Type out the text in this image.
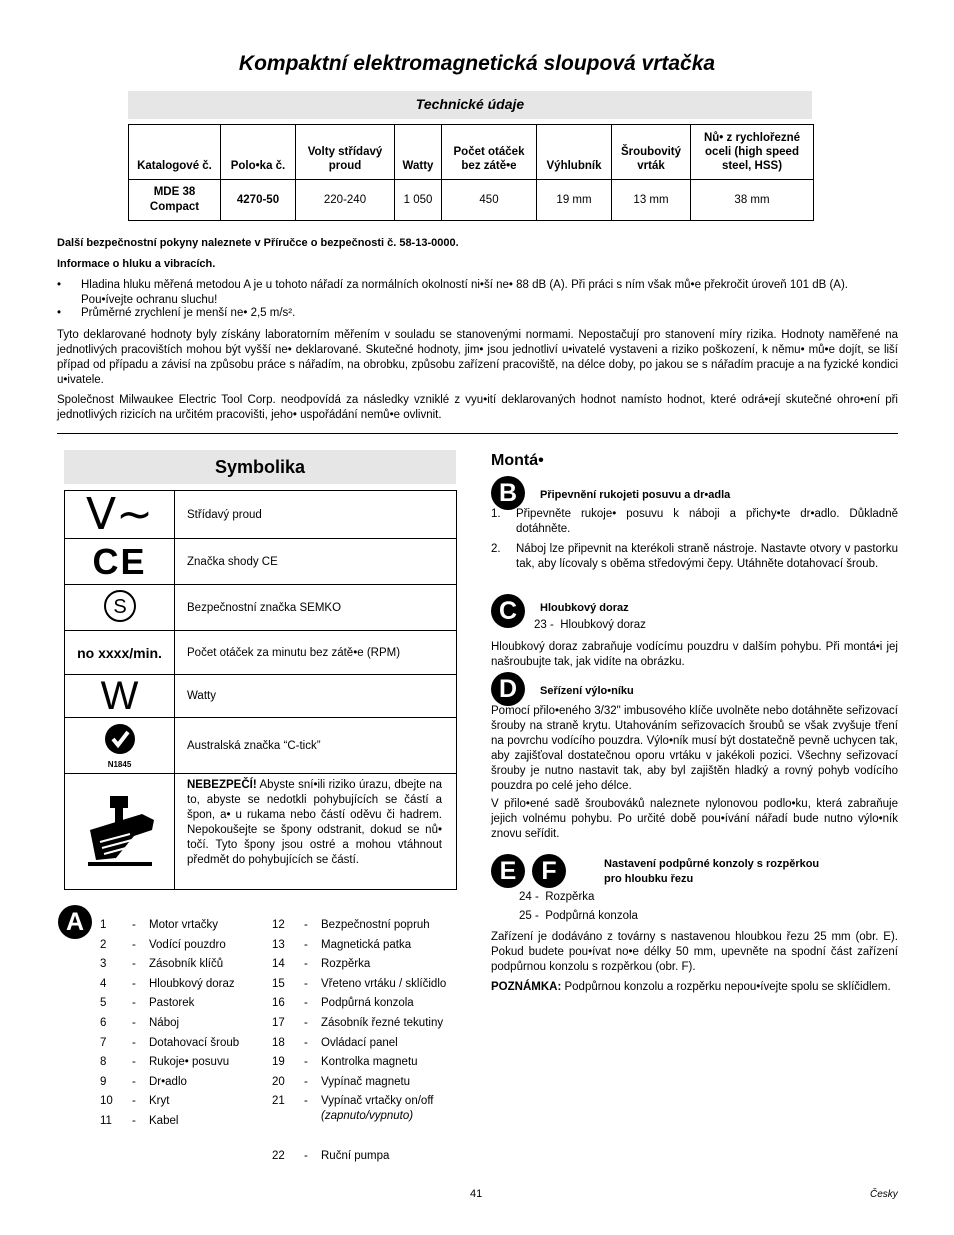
Kompaktní elektromagnetická sloupová vrtačka
Technické údaje
Katalogové č.	Polo•ka č.	Volty střídavý proud	Watty	Počet otáček bez zátě•e	Výhlubník	Šroubovitý vrták	Nů• z rychlořezné oceli (high speed steel, HSS)
MDE 38 Compact	4270-50	220-240	1 050	450	19 mm	13 mm	38 mm
Další bezpečnostní pokyny naleznete v Příručce o bezpečnosti č. 58-13-0000.
Informace o hluku a vibracích.
• Hladina hluku měřená metodou A je u tohoto nářadí za normálních okolností ni•ší ne• 88 dB (A). Při práci s ním však mů•e překročit úroveň 101 dB (A). Pou•ívejte ochranu sluchu!
• Průměrné zrychlení je menší ne• 2,5 m/s².

Tyto deklarované hodnoty byly získány laboratorním měřením v souladu se stanovenými normami. Nepostačují pro stanovení míry rizika. Hodnoty naměřené na jednotlivých pracovištích mohou být vyšší ne• deklarované. Skutečné hodnoty, jim• jsou jednotliví u•ivatelé vystaveni a riziko poškození, k němu• mů•e dojít, se liší případ od případu a závisí na způsobu práce s nářadím, na obrobku, způsobu zařízení pracoviště, na délce doby, po jakou se s nářadím pracuje a na fyzické kondici u•ivatele.

Společnost Milwaukee Electric Tool Corp. neodpovídá za následky vzniklé z vyu•ití deklarovaných hodnot namísto hodnot, které odrá•ejí skutečné ohro•ení při jednotlivých rizicích na určitém pracovišti, jeho• uspořádání nemů•e ovlivnit.

Symbolika
V~	Střídavý proud
CE	Značka shody CE

S	Bezpečnostní značka SEMKO
no xxxx/min.	Počet otáček za minutu bez zátě•e (RPM)
W	Watty

N1845	Australská značka “C-tick”
	NEBEZPEČÍ! Abyste sní•ili riziko úrazu, dbejte na to, abyste se nedotkli pohybujících se částí a špon, a• u rukama nebo částí oděvu či hadrem. Nepokoušejte se špony odstranit, dokud se nů• točí. Tyto špony jsou ostré a mohou vtáhnout předmět do pohybujících se částí.
A	1	- Motor vrtačky
2	- Vodící pouzdro
3	- Zásobník klíčů
4	- Hloubkový doraz
5	- Pastorek
6	- Náboj
7	- Dotahovací šroub
8	- Rukoje• posuvu
9	- Dr•adlo
10	- Kryt
11	- Kabel
12	- Bezpečnostní popruh
13	- Magnetická patka
14	- Rozpěrka
15	- Vřeteno vrtáku / sklíčidlo
16	- Podpůrná konzola
17	- Zásobník řezné tekutiny
18	- Ovládací panel
19	- Kontrolka magnetu
20	- Vypínač magnetu
21	- Vypínač vrtačky on/off
(zapnuto/vypnuto)
22	- Ruční pumpa
Montá•
B	Připevnění rukojeti posuvu a dr•adla
1. Připevněte rukoje• posuvu k náboji a přichy•te dr•adlo. Důkladně dotáhněte.
2. Náboj lze připevnit na kterékoli straně nástroje. Nastavte otvory v pastorku tak, aby lícovaly s oběma středovými čepy. Utáhněte dotahovací šroub.
C	Hloubkový doraz
23 -  Hloubkový doraz
Hloubkový doraz zabraňuje vodícímu pouzdru v dalším pohybu. Při montá•i jej našroubujte tak, jak vidíte na obrázku.
D	Seřízení výlo•níku
Pomocí přilo•eného 3/32" imbusového klíče uvolněte nebo dotáhněte seřizovací šrouby na straně krytu. Utahováním seřizovacích šroubů se však zvyšuje tření na povrchu vodícího pouzdra. Výlo•ník musí být dostatečně pevně uchycen tak, aby zajišťoval dostatečnou oporu vrtáku v jakékoli pozici. Všechny seřizovací šrouby je nutno nastavit tak, aby byl zajištěn hladký a rovný pohyb vodícího pouzdra po celé jeho délce.
V přilo•ené sadě šroubováků naleznete nylonovou podlo•ku, která zabraňuje jejich volnému pohybu. Po určité době pou•ívání nářadí bude nutno výlo•ník znovu seřídit.
E	F	Nastavení podpůrné konzoly s rozpěrkou
pro hloubku řezu
24 -  Rozpěrka
25 -  Podpůrná konzola
Zařízení je dodáváno z továrny s nastavenou hloubkou řezu 25 mm (obr. E). Pokud budete pou•ívat no•e délky 50 mm, upevněte na spodní část zařízení podpůrnou konzolu s rozpěrkou (obr. F).
POZNÁMKA: Podpůrnou konzolu a rozpěrku nepou•ívejte spolu se sklíčidlem.
41	Česky
